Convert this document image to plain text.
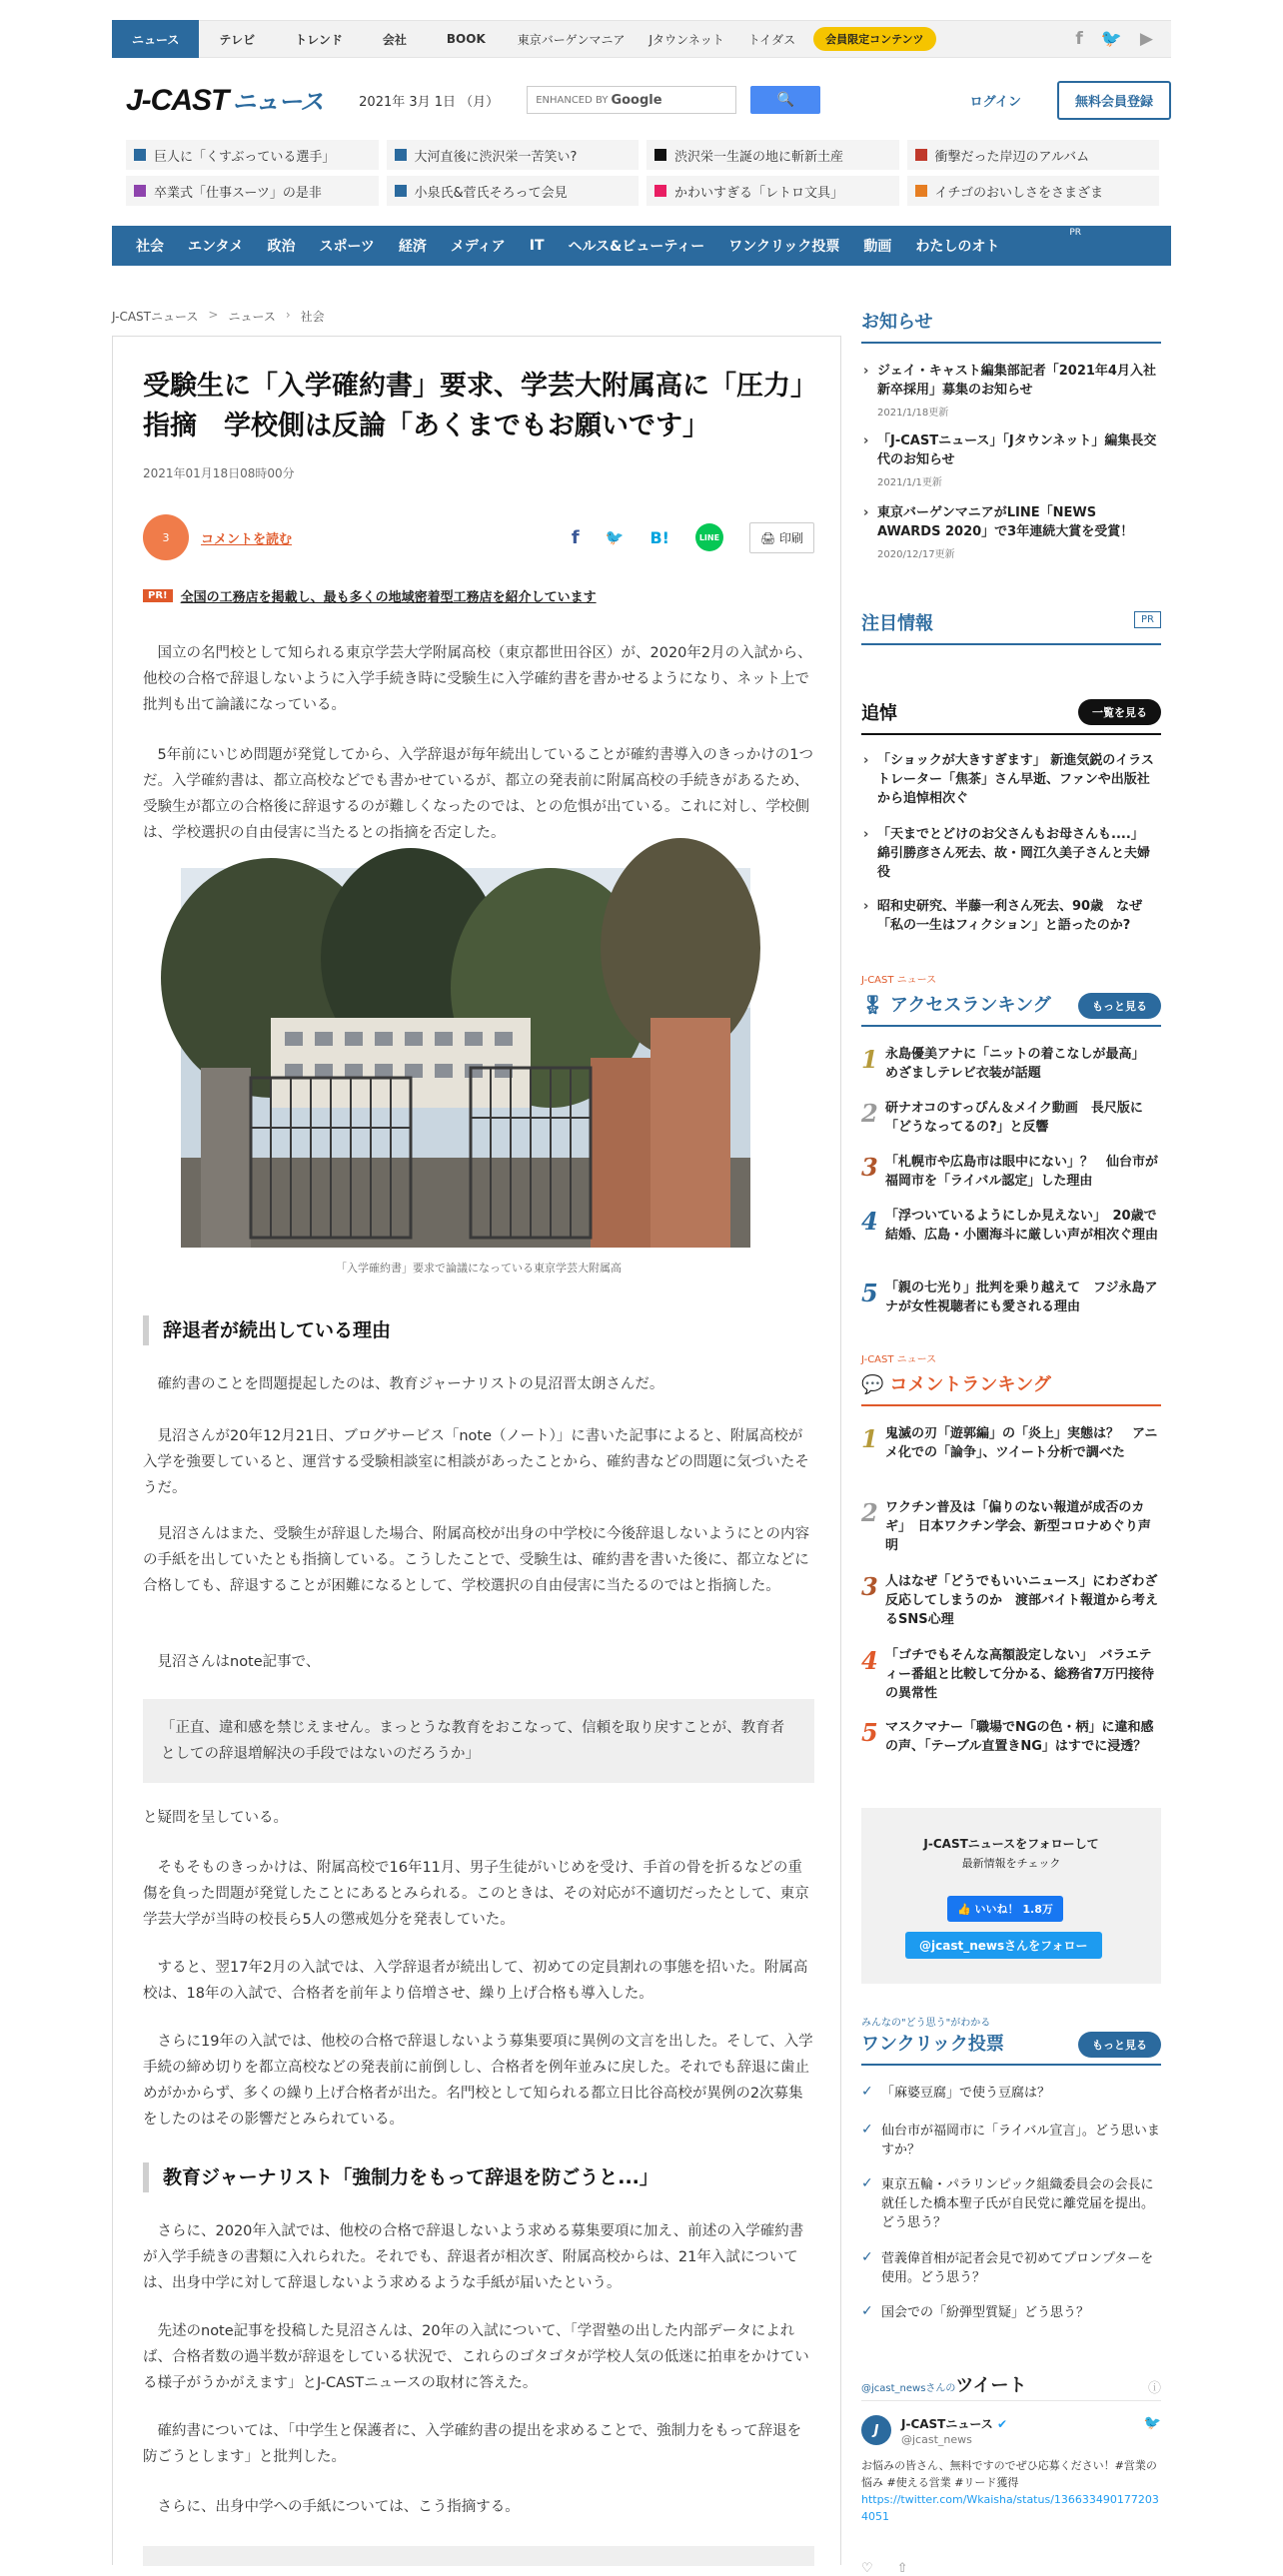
ニュース	テレビ	トレンド	会社	BOOK	東京バーゲンマニア	Jタウンネット	トイダス	会員限定コンテンツ	f 🐦 ▶
J-CAST ニュース	2021年 3月 1日 （月）	ENHANCED BY Google	🔍	ログイン	無料会員登録
巨人に「くすぶっている選手」	大河直後に渋沢栄一苦笑い?	渋沢栄一生誕の地に斬新土産	衝撃だった岸辺のアルバム
卒業式「仕事スーツ」の是非	小泉氏&菅氏そろって会見	かわいすぎる「レトロ文具」	イチゴのおいしさをさまざま
社会	エンタメ	政治	スポーツ	経済	メディア	IT	ヘルス&ビューティー	ワンクリック投票	動画	わたしのオト
PR
J-CASTニュース > ニュース › 社会
受験生に「入学確約書」要求、学芸大附属高に「圧力」指摘　学校側は反論「あくまでもお願いです」
2021年01月18日08時00分
3 コメントを読む	f 🐦 B!	LINE	🖨 印刷
PR!	全国の工務店を掲載し、最も多くの地域密着型工務店を紹介しています

　国立の名門校として知られる東京学芸大学附属高校（東京都世田谷区）が、2020年2月の入試から、他校の合格で辞退しないように入学手続き時に受験生に入学確約書を書かせるようになり、ネット上で批判も出て論議になっている。

　5年前にいじめ問題が発覚してから、入学辞退が毎年続出していることが確約書導入のきっかけの1つだ。入学確約書は、都立高校などでも書かせているが、都立の発表前に附属高校の手続きがあるため、受験生が都立の合格後に辞退するのが難しくなったのでは、との危惧が出ている。これに対し、学校側は、学校選択の自由侵害に当たるとの指摘を否定した。

「入学確約書」要求で論議になっている東京学芸大附属高
辞退者が続出している理由

　確約書のことを問題提起したのは、教育ジャーナリストの見沼晋太朗さんだ。

　見沼さんが20年12月21日、ブログサービス「note（ノート）」に書いた記事によると、附属高校が入学を強要していると、運営する受験相談室に相談があったことから、確約書などの問題に気づいたそうだ。

　見沼さんはまた、受験生が辞退した場合、附属高校が出身の中学校に今後辞退しないようにとの内容の手紙を出していたとも指摘している。こうしたことで、受験生は、確約書を書いた後に、都立などに合格しても、辞退することが困難になるとして、学校選択の自由侵害に当たるのではと指摘した。

　見沼さんはnote記事で、

「正直、違和感を禁じえません。まっとうな教育をおこなって、信頼を取り戻すことが、教育者としての辞退増解決の手段ではないのだろうか」

と疑問を呈している。

　そもそものきっかけは、附属高校で16年11月、男子生徒がいじめを受け、手首の骨を折るなどの重傷を負った問題が発覚したことにあるとみられる。このときは、その対応が不適切だったとして、東京学芸大学が当時の校長ら5人の懲戒処分を発表していた。

　すると、翌17年2月の入試では、入学辞退者が続出して、初めての定員割れの事態を招いた。附属高校は、18年の入試で、合格者を前年より倍増させ、繰り上げ合格も導入した。

　さらに19年の入試では、他校の合格で辞退しないよう募集要項に異例の文言を出した。そして、入学手続の締め切りを都立高校などの発表前に前倒しし、合格者を例年並みに戻した。それでも辞退に歯止めがかからず、多くの繰り上げ合格者が出た。名門校として知られる都立日比谷高校が異例の2次募集をしたのはその影響だとみられている。

教育ジャーナリスト「強制力をもって辞退を防ごうと...」

　さらに、2020年入試では、他校の合格で辞退しないよう求める募集要項に加え、前述の入学確約書が入学手続きの書類に入れられた。それでも、辞退者が相次ぎ、附属高校からは、21年入試については、出身中学に対して辞退しないよう求めるような手紙が届いたという。

　先述のnote記事を投稿した見沼さんは、20年の入試について、「学習塾の出した内部データによれば、合格者数の過半数が辞退をしている状況で、これらのゴタゴタが学校人気の低迷に拍車をかけている様子がうかがえます」とJ-CASTニュースの取材に答えた。

　確約書については、「中学生と保護者に、入学確約書の提出を求めることで、強制力をもって辞退を防ごうとします」と批判した。

　さらに、出身中学への手紙については、こう指摘する。

お知らせ
› ジェイ・キャスト編集部記者「2021年4月入社新卒採用」募集のお知らせ
2021/1/18更新
› 「J-CASTニュース」「Jタウンネット」編集長交代のお知らせ
2021/1/1更新
› 東京バーゲンマニアがLINE「NEWS AWARDS 2020」で3年連続大賞を受賞！
2020/12/17更新
注目情報	PR
追悼	一覧を見る
› 「ショックが大きすぎます」 新進気鋭のイラストレーター「焦茶」さん早逝、ファンや出版社から追悼相次ぐ
› 「天までとどけのお父さんもお母さんも....」　綿引勝彦さん死去、故・岡江久美子さんと夫婦役
› 昭和史研究、半藤一利さん死去、90歳　なぜ「私の一生はフィクション」と語ったのか?
J-CAST ニュース
🎖 アクセスランキング	もっと見る
1 永島優美アナに「ニットの着こなしが最高」　めざましテレビ衣装が話題
2 研ナオコのすっぴん＆メイク動画　長尺版に「どうなってるの?」と反響
3 「札幌市や広島市は眼中にない」？　仙台市が福岡市を「ライバル認定」した理由
4 「浮ついているようにしか見えない」　20歳で結婚、広島・小園海斗に厳しい声が相次ぐ理由
5 「親の七光り」批判を乗り越えて　フジ永島アナが女性視聴者にも愛される理由
J-CAST ニュース
💬 コメントランキング
1 鬼滅の刃「遊郭編」の「炎上」実態は？　アニメ化での「論争」、ツイート分析で調べた
2 ワクチン普及は「偏りのない報道が成否のカギ」　日本ワクチン学会、新型コロナめぐり声明
3 人はなぜ「どうでもいいニュース」にわざわざ反応してしまうのか　渡部バイト報道から考えるSNS心理
4 「ゴチでもそんな高額設定しない」　バラエティー番組と比較して分かる、総務省7万円接待の異常性
5 マスクマナー「職場でNGの色・柄」に違和感の声、「テーブル直置きNG」はすでに浸透？
J-CASTニュースをフォローして
最新情報をチェック
👍 いいね！ 1.8万
@jcast_newsさんをフォロー
みんなの"どう思う"がわかる
ワンクリック投票	もっと見る
✓ 「麻婆豆腐」で使う豆腐は？
✓ 仙台市が福岡市に「ライバル宣言」。どう思いますか？
✓ 東京五輪・パラリンピック組織委員会の会長に就任した橋本聖子氏が自民党に離党届を提出。どう思う？
✓ 菅義偉首相が記者会見で初めてプロンプターを使用。どう思う？
✓ 国会での「紛弾型質疑」どう思う？
@jcast_newsさんのツイート	ⓘ
J	J-CASTニュース ✔
@jcast_news
🐦
お悩みの皆さん、無料ですのでぜひ応募ください！#営業の悩み #使える営業 #リード獲得
https://twitter.com/Wkaisha/status/1366334901772034051
♡ ⇧
